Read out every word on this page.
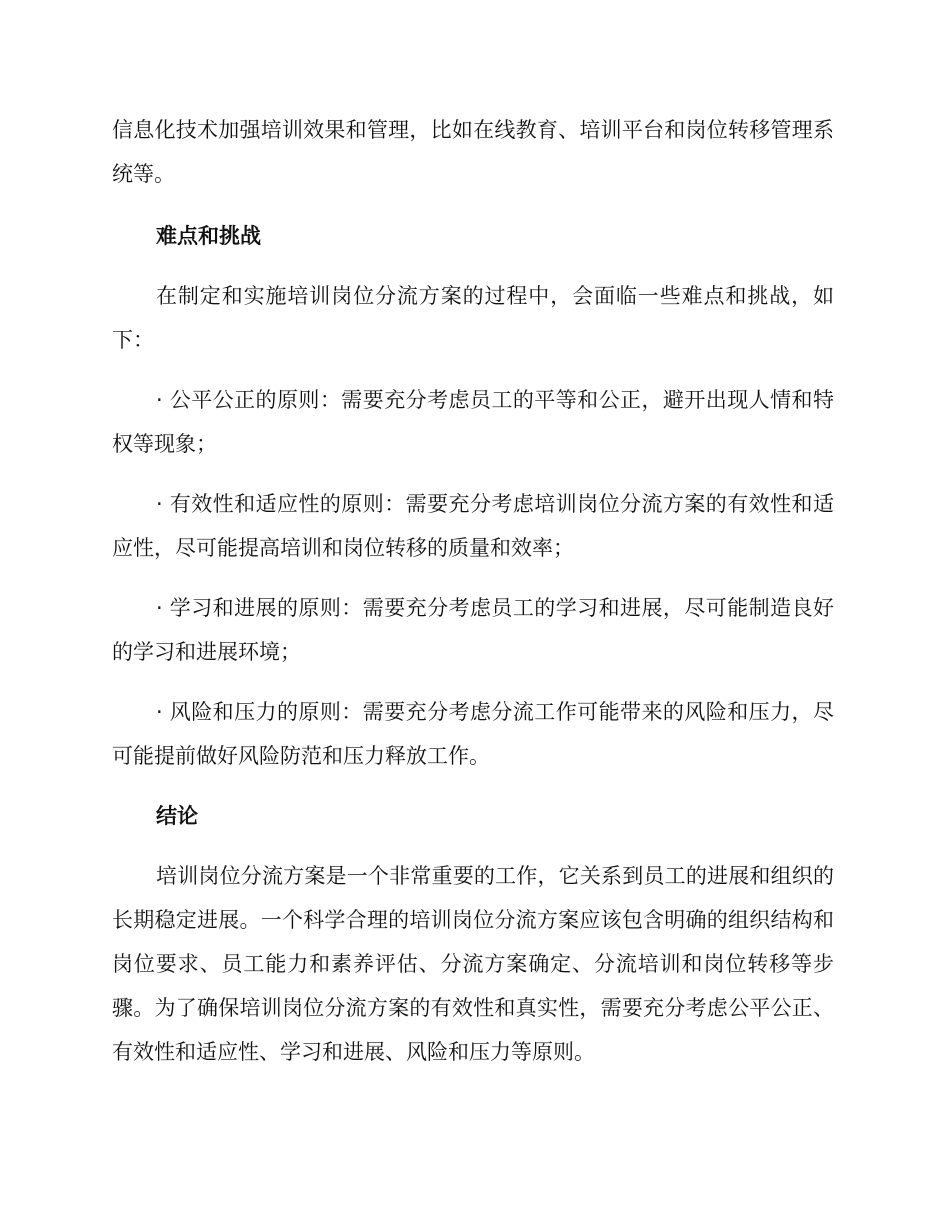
信息化技术加强培训效果和管理，比如在线教育、培训平台和岗位转移管理系统等。

难点和挑战

在制定和实施培训岗位分流方案的过程中，会面临一些难点和挑战，如下：

· 公平公正的原则：需要充分考虑员工的平等和公正，避开出现人情和特权等现象；

· 有效性和适应性的原则：需要充分考虑培训岗位分流方案的有效性和适应性，尽可能提高培训和岗位转移的质量和效率；

· 学习和进展的原则：需要充分考虑员工的学习和进展，尽可能制造良好的学习和进展环境；

· 风险和压力的原则：需要充分考虑分流工作可能带来的风险和压力，尽可能提前做好风险防范和压力释放工作。

结论

培训岗位分流方案是一个非常重要的工作，它关系到员工的进展和组织的长期稳定进展。一个科学合理的培训岗位分流方案应该包含明确的组织结构和岗位要求、员工能力和素养评估、分流方案确定、分流培训和岗位转移等步骤。为了确保培训岗位分流方案的有效性和真实性，需要充分考虑公平公正、有效性和适应性、学习和进展、风险和压力等原则。
